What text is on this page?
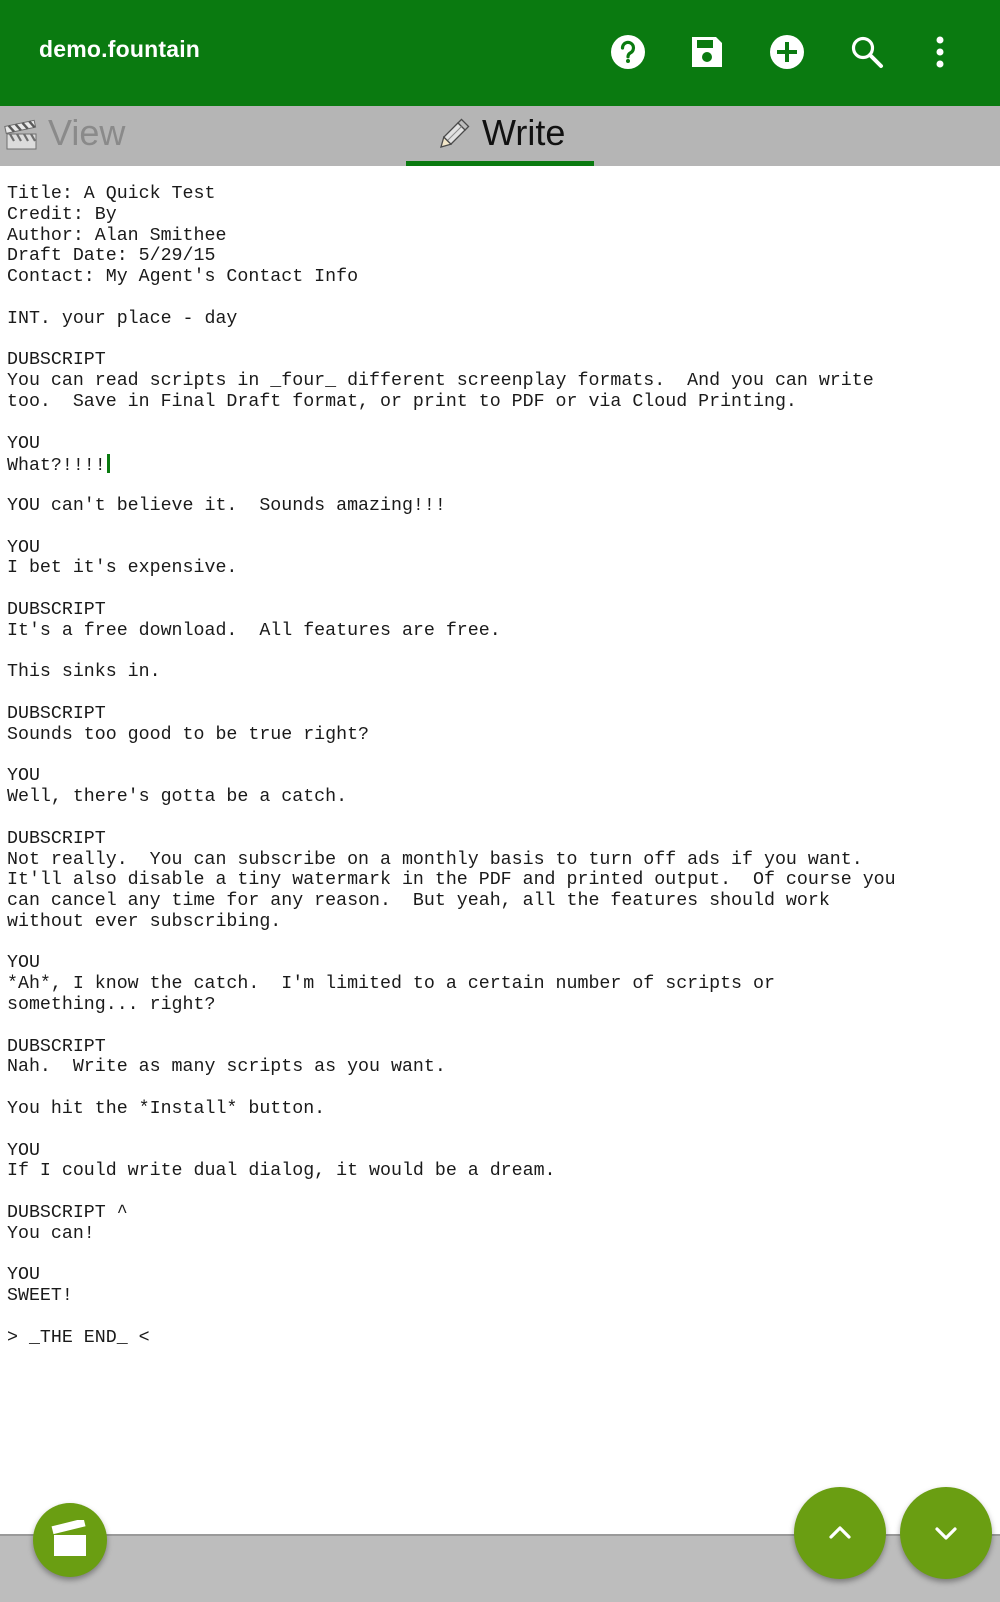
demo.fountain
View	Write
Title: A Quick Test
Credit: By
Author: Alan Smithee
Draft Date: 5/29/15
Contact: My Agent's Contact Info
INT. your place - day
DUBSCRIPT
You can read scripts in _four_ different screenplay formats.  And you can write
too.  Save in Final Draft format, or print to PDF or via Cloud Printing.
YOU
What?!!!!
YOU can't believe it.  Sounds amazing!!!
YOU
I bet it's expensive.
DUBSCRIPT
It's a free download.  All features are free.
This sinks in.
DUBSCRIPT
Sounds too good to be true right?
YOU
Well, there's gotta be a catch.
DUBSCRIPT
Not really.  You can subscribe on a monthly basis to turn off ads if you want.
It'll also disable a tiny watermark in the PDF and printed output.  Of course you
can cancel any time for any reason.  But yeah, all the features should work
without ever subscribing.
YOU
*Ah*, I know the catch.  I'm limited to a certain number of scripts or
something... right?
DUBSCRIPT
Nah.  Write as many scripts as you want.
You hit the *Install* button.
YOU
If I could write dual dialog, it would be a dream.
DUBSCRIPT ^
You can!
YOU
SWEET!
> _THE END_ <
